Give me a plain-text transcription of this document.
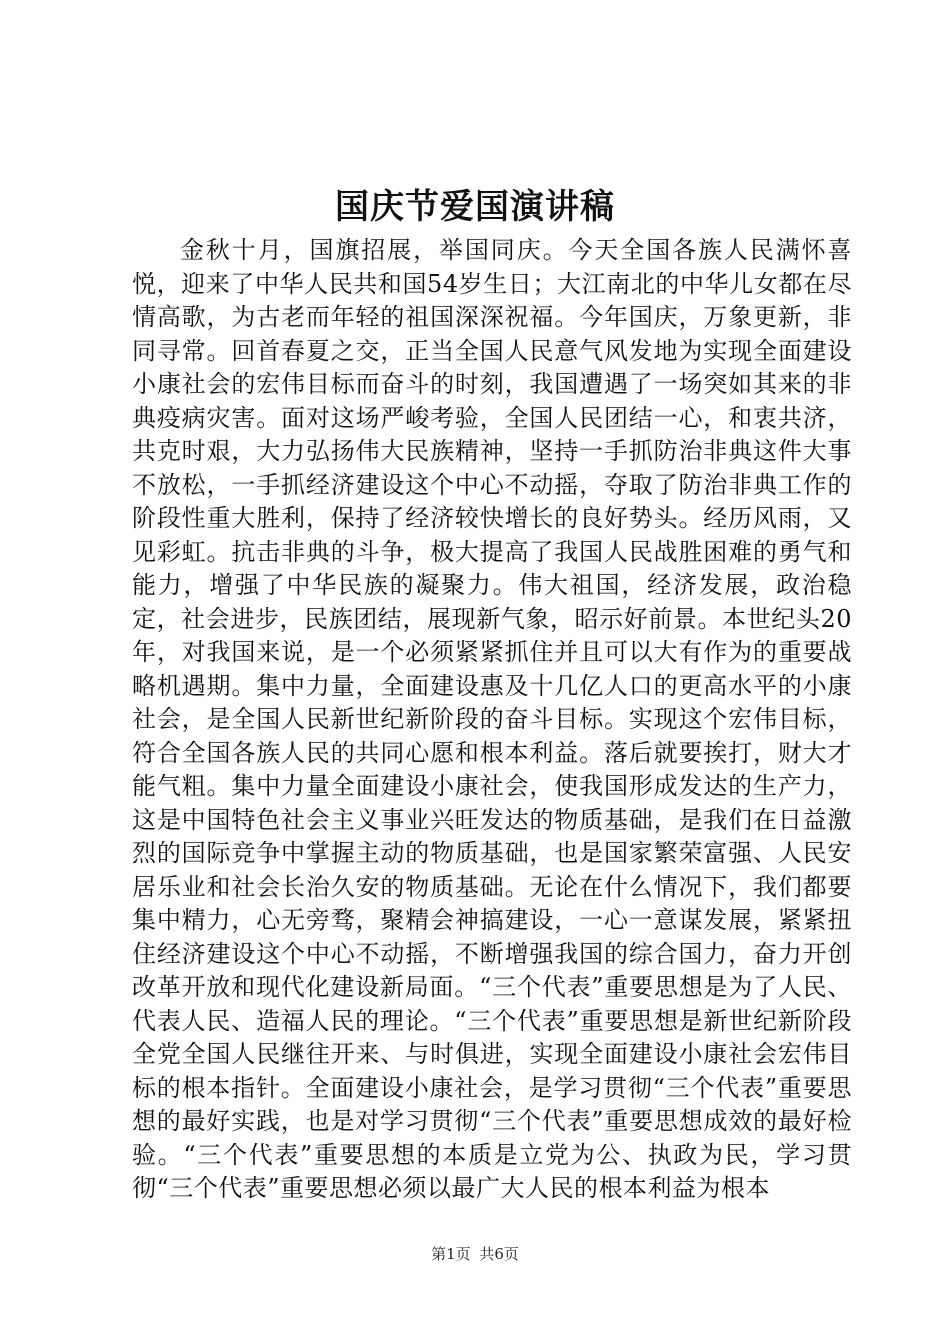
国庆节爱国演讲稿

金秋十月，国旗招展，举国同庆。今天全国各族人民满怀喜悦，迎来了中华人民共和国54岁生日；大江南北的中华儿女都在尽情高歌，为古老而年轻的祖国深深祝福。今年国庆，万象更新，非同寻常。回首春夏之交，正当全国人民意气风发地为实现全面建设小康社会的宏伟目标而奋斗的时刻，我国遭遇了一场突如其来的非典疫病灾害。面对这场严峻考验，全国人民团结一心，和衷共济，共克时艰，大力弘扬伟大民族精神，坚持一手抓防治非典这件大事不放松，一手抓经济建设这个中心不动摇，夺取了防治非典工作的阶段性重大胜利，保持了经济较快增长的良好势头。经历风雨，又见彩虹。抗击非典的斗争，极大提高了我国人民战胜困难的勇气和能力，增强了中华民族的凝聚力。伟大祖国，经济发展，政治稳定，社会进步，民族团结，展现新气象，昭示好前景。本世纪头20年，对我国来说，是一个必须紧紧抓住并且可以大有作为的重要战略机遇期。集中力量，全面建设惠及十几亿人口的更高水平的小康社会，是全国人民新世纪新阶段的奋斗目标。实现这个宏伟目标，符合全国各族人民的共同心愿和根本利益。落后就要挨打，财大才能气粗。集中力量全面建设小康社会，使我国形成发达的生产力，这是中国特色社会主义事业兴旺发达的物质基础，是我们在日益激烈的国际竞争中掌握主动的物质基础，也是国家繁荣富强、人民安居乐业和社会长治久安的物质基础。无论在什么情况下，我们都要集中精力，心无旁骛，聚精会神搞建设，一心一意谋发展，紧紧扭住经济建设这个中心不动摇，不断增强我国的综合国力，奋力开创改革开放和现代化建设新局面。“三个代表”重要思想是为了人民、代表人民、造福人民的理论。“三个代表”重要思想是新世纪新阶段全党全国人民继往开来、与时俱进，实现全面建设小康社会宏伟目标的根本指针。全面建设小康社会，是学习贯彻“三个代表”重要思想的最好实践，也是对学习贯彻“三个代表”重要思想成效的最好检验。“三个代表”重要思想的本质是立党为公、执政为民，学习贯彻“三个代表”重要思想必须以最广大人民的根本利益为根本

第1页 共6页
